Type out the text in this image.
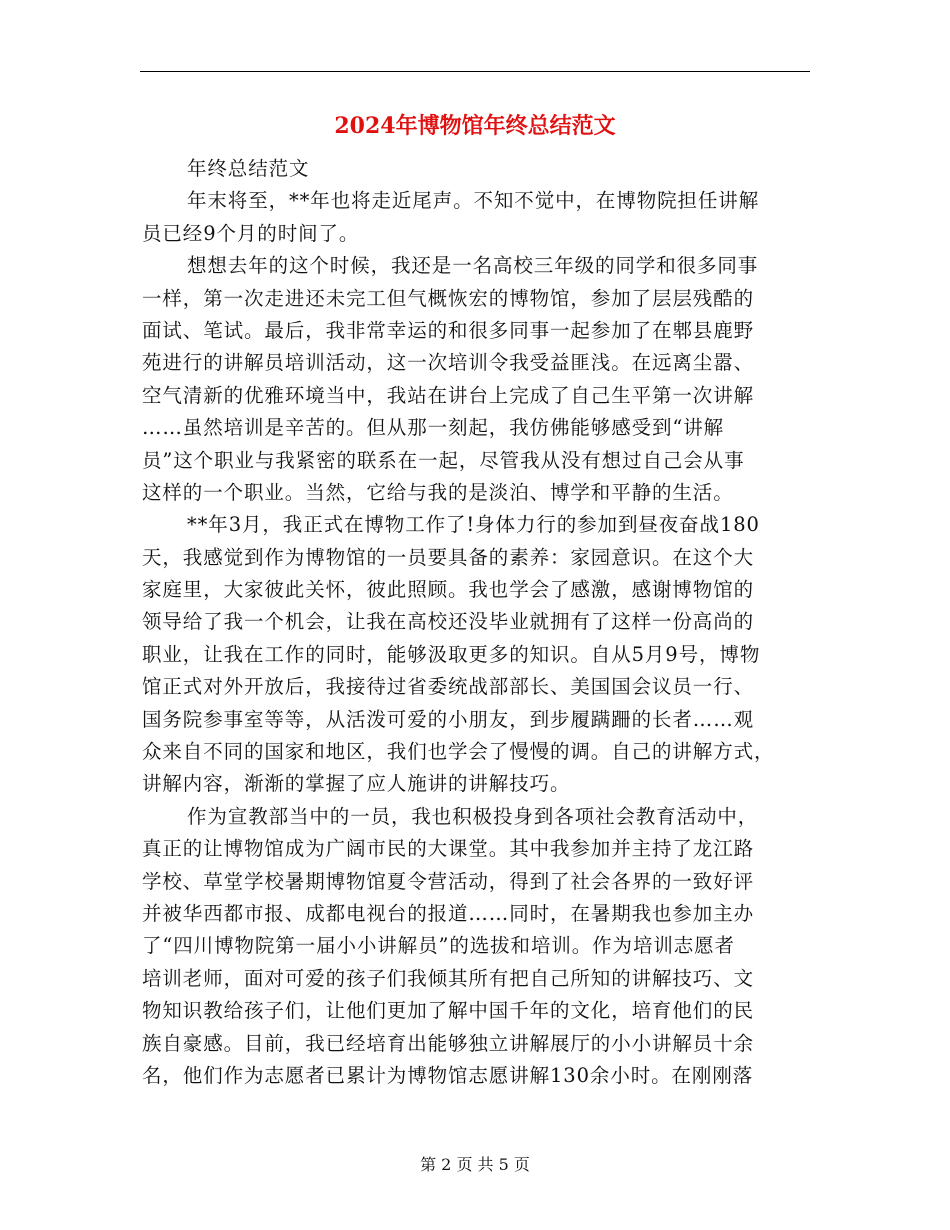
2024年博物馆年终总结范文
年终总结范文
年末将至，**年也将走近尾声。不知不觉中，在博物院担任讲解
员已经9个月的时间了。
想想去年的这个时候，我还是一名高校三年级的同学和很多同事
一样，第一次走进还未完工但气概恢宏的博物馆，参加了层层残酷的
面试、笔试。最后，我非常幸运的和很多同事一起参加了在郫县鹿野
苑进行的讲解员培训活动，这一次培训令我受益匪浅。在远离尘嚣、
空气清新的优雅环境当中，我站在讲台上完成了自己生平第一次讲解
……虽然培训是辛苦的。但从那一刻起，我仿佛能够感受到“讲解
员”这个职业与我紧密的联系在一起，尽管我从没有想过自己会从事
这样的一个职业。当然，它给与我的是淡泊、博学和平静的生活。
**年3月，我正式在博物工作了!身体力行的参加到昼夜奋战180
天，我感觉到作为博物馆的一员要具备的素养：家园意识。在这个大
家庭里，大家彼此关怀，彼此照顾。我也学会了感激，感谢博物馆的
领导给了我一个机会，让我在高校还没毕业就拥有了这样一份高尚的
职业，让我在工作的同时，能够汲取更多的知识。自从5月9号，博物
馆正式对外开放后，我接待过省委统战部部长、美国国会议员一行、
国务院参事室等等，从活泼可爱的小朋友，到步履蹒跚的长者……观
众来自不同的国家和地区，我们也学会了慢慢的调。自己的讲解方式，
讲解内容，渐渐的掌握了应人施讲的讲解技巧。
作为宣教部当中的一员，我也积极投身到各项社会教育活动中，
真正的让博物馆成为广阔市民的大课堂。其中我参加并主持了龙江路
学校、草堂学校暑期博物馆夏令营活动，得到了社会各界的一致好评
并被华西都市报、成都电视台的报道……同时，在暑期我也参加主办
了“四川博物院第一届小小讲解员”的选拔和培训。作为培训志愿者
培训老师，面对可爱的孩子们我倾其所有把自己所知的讲解技巧、文
物知识教给孩子们，让他们更加了解中国千年的文化，培育他们的民
族自豪感。目前，我已经培育出能够独立讲解展厅的小小讲解员十余
名，他们作为志愿者已累计为博物馆志愿讲解130余小时。在刚刚落
第 2 页 共 5 页
